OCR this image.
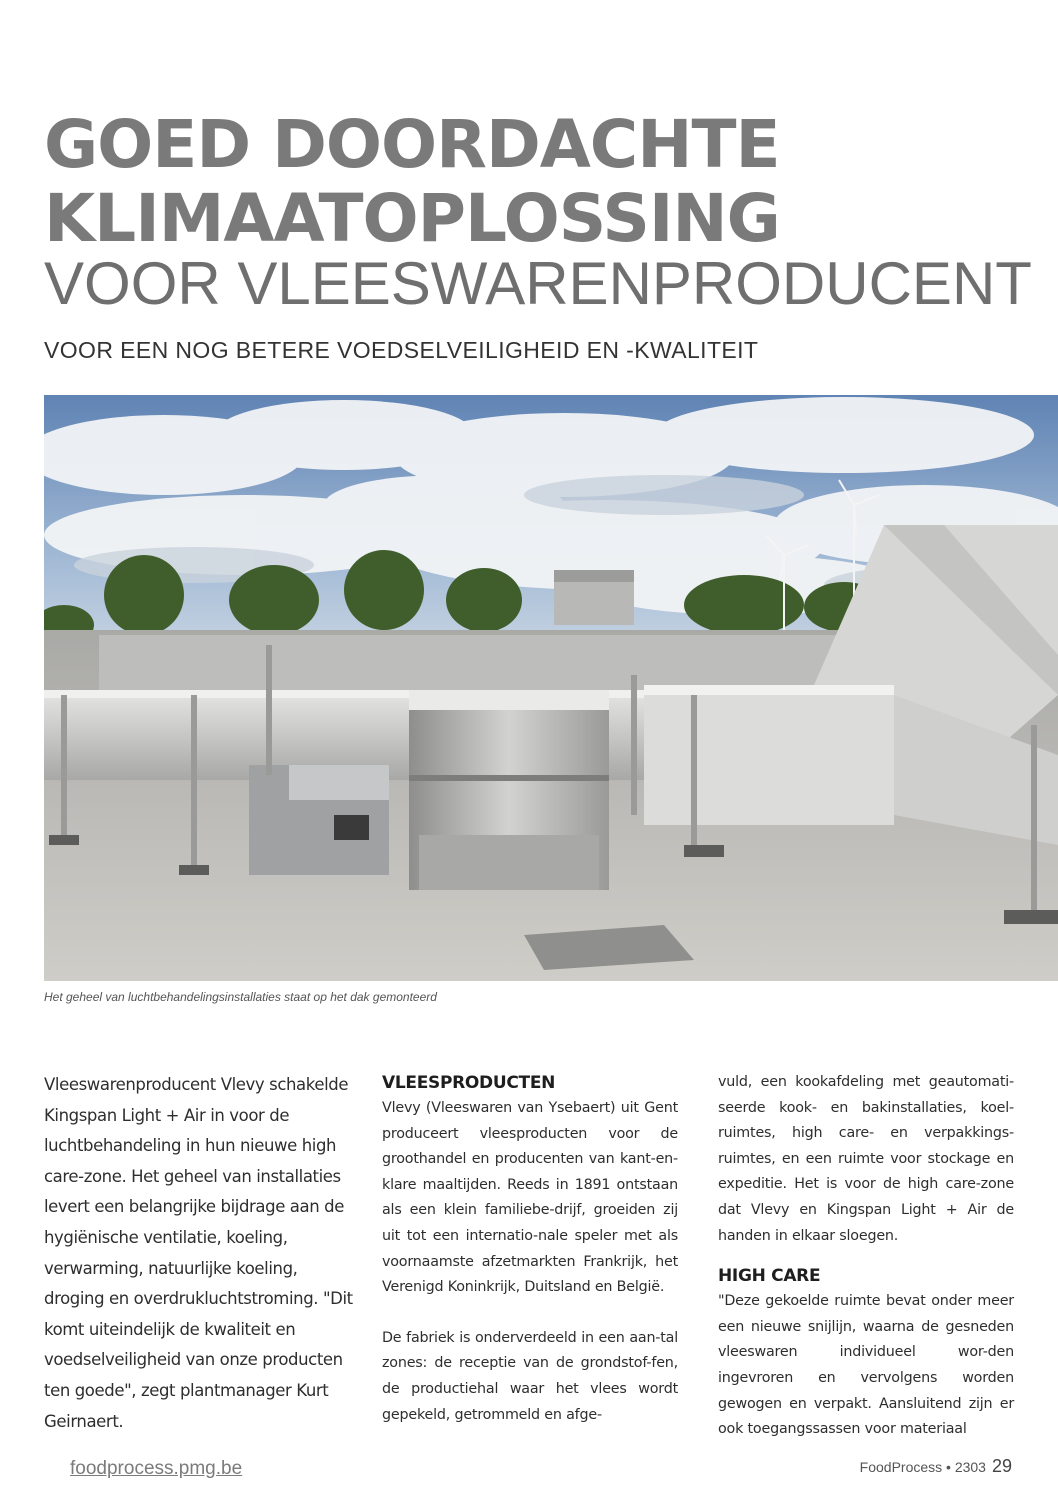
GOED DOORDACHTE
KLIMAATOPLOSSING
VOOR VLEESWARENPRODUCENT
VOOR EEN NOG BETERE VOEDSELVEILIGHEID EN -KWALITEIT
Het geheel van luchtbehandelingsinstallaties staat op het dak gemonteerd
Vleeswarenproducent Vlevy schakelde Kingspan Light + Air in voor de luchtbehandeling in hun nieuwe high care-zone. Het geheel van installaties levert een belangrijke bijdrage aan de hygiënische ventilatie, koeling, verwarming, natuurlijke koeling, droging en overdrukluchtstroming. "Dit komt uiteindelijk de kwaliteit en voedselveiligheid van onze producten ten goede", zegt plantmanager Kurt Geirnaert.
VLEESPRODUCTEN

Vlevy (Vleeswaren van Ysebaert) uit Gent produceert vleesproducten voor de groothandel en producenten van kant-en-klare maaltijden. Reeds in 1891 ontstaan als een klein familiebe-drijf, groeiden zij uit tot een internatio-nale speler met als voornaamste afzetmarkten Frankrijk, het Verenigd Koninkrijk, Duitsland en België.

De fabriek is onderverdeeld in een aan-tal zones: de receptie van de grondstof-fen, de productiehal waar het vlees wordt gepekeld, getrommeld en afge-

vuld, een kookafdeling met geautomati-seerde kook- en bakinstallaties, koel-ruimtes, high care- en verpakkings-ruimtes, en een ruimte voor stockage en expeditie. Het is voor de high care-zone dat Vlevy en Kingspan Light + Air de handen in elkaar sloegen.

HIGH CARE

"Deze gekoelde ruimte bevat onder meer een nieuwe snijlijn, waarna de gesneden vleeswaren individueel wor-den ingevroren en vervolgens worden gewogen en verpakt. Aansluitend zijn er ook toegangssassen voor materiaal

foodprocess.pmg.be	FoodProcess • 2303 29
